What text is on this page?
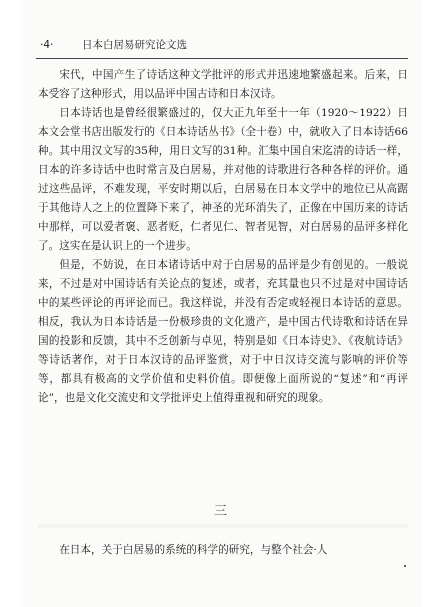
·4·	日本白居易研究论文选

宋代，中国产生了诗话这种文学批评的形式并迅速地繁盛起来。后来，日本受容了这种形式，用以品评中国古诗和日本汉诗。

日本诗话也是曾经很繁盛过的，仅大正九年至十一年（1920～1922）日本文会堂书店出版发行的《日本诗话丛书》（全十卷）中，就收入了日本诗话66种。其中用汉文写的35种，用日文写的31种。汇集中国自宋迄清的诗话一样，日本的许多诗话中也时常言及白居易，并对他的诗歌进行各种各样的评价。通过这些品评，不难发现，平安时期以后，白居易在日本文学中的地位已从高踞于其他诗人之上的位置降下来了，神圣的光环消失了，正像在中国历来的诗话中那样，可以爱者褒、恶者贬，仁者见仁、智者见智，对白居易的品评多样化了。这实在是认识上的一个进步。

但是，不妨说，在日本诸诗话中对于白居易的品评是少有创见的。一般说来，不过是对中国诗话有关论点的复述，或者，充其量也只不过是对中国诗话中的某些评论的再评论而已。我这样说，并没有否定或轻视日本诗话的意思。相反，我认为日本诗话是一份极珍贵的文化遗产，是中国古代诗歌和诗话在异国的投影和反馈，其中不乏创新与卓见，特别是如《日本诗史》、《夜航诗话》等诗话著作，对于日本汉诗的品评鉴赏，对于中日汉诗交流与影响的评价等等，都具有极高的文学价值和史料价值。即便像上面所说的“复述”和“再评论”，也是文化交流史和文学批评史上值得重视和研究的现象。

三
在日本，关于白居易的系统的科学的研究，与整个社会·人
